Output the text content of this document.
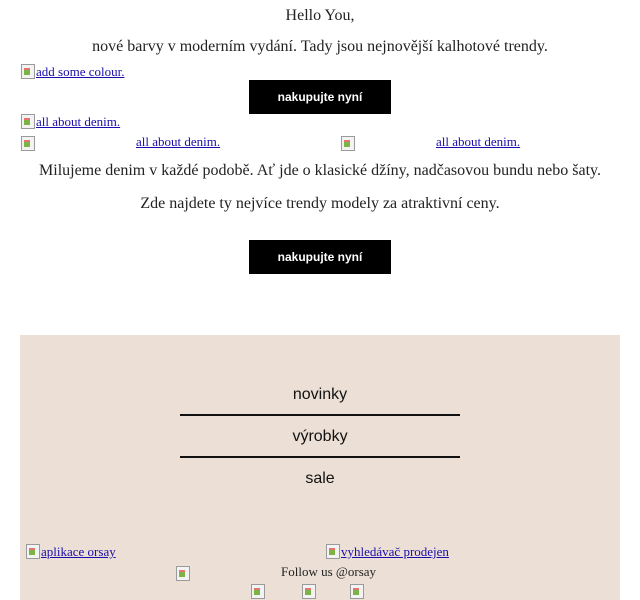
Hello You,
nové barvy v moderním vydání. Tady jsou nejnovější kalhotové trendy.
add some colour.
nakupujte nyní
all about denim.

all about denim.	all about denim.
Milujeme denim v každé podobě. Ať jde o klasické džíny, nadčasovou bundu nebo šaty.
Zde najdete ty nejvíce trendy modely za atraktivní ceny.
nakupujte nyní
novinky
výrobky
sale
aplikace orsay	vyhledávač prodejen
Follow us @orsay
